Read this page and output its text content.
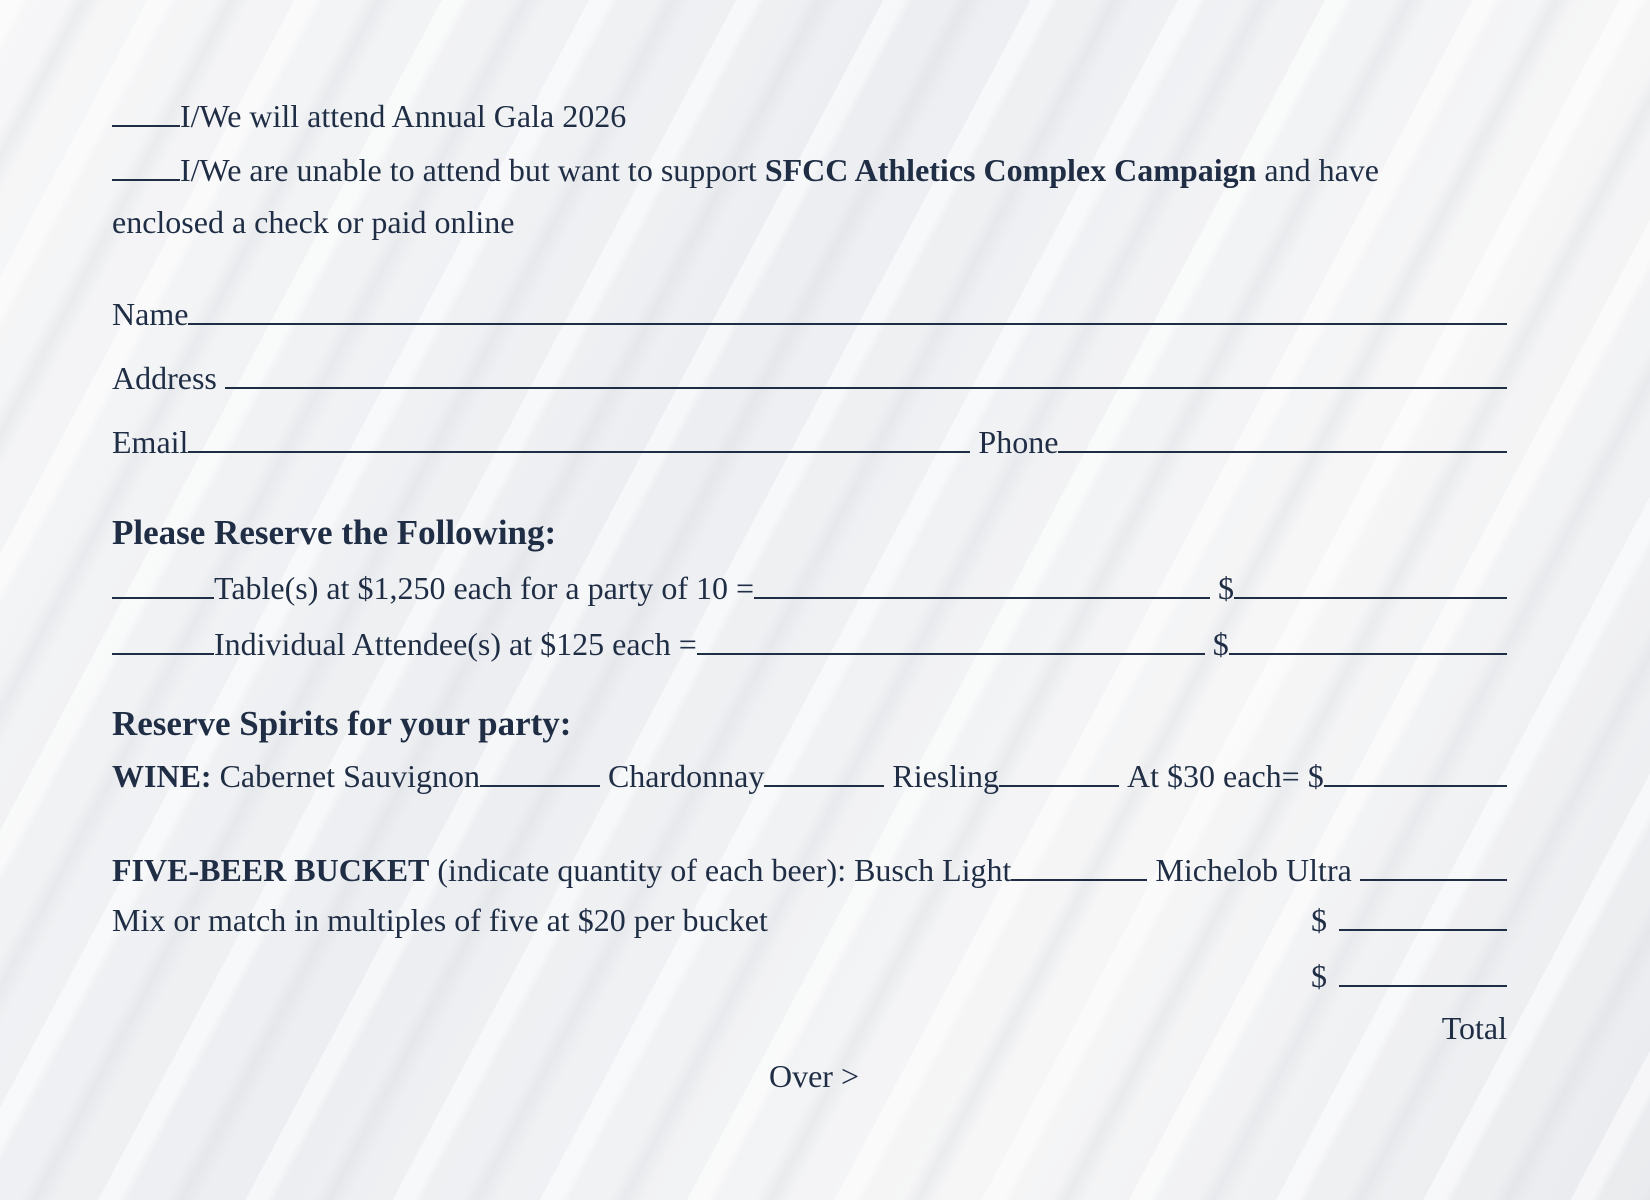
I/We will attend Annual Gala 2026
I/We are unable to attend but want to support SFCC Athletics Complex Campaign and have
enclosed a check or paid online
Name
Address
Email	Phone
Please Reserve the Following:
Table(s) at $1,250 each for a party of 10 =	$
Individual Attendee(s) at $125 each =	$
Reserve Spirits for your party:
WINE: Cabernet Sauvignon	Chardonnay	Riesling	At $30 each= $
FIVE-BEER BUCKET (indicate quantity of each beer): Busch Light	Michelob Ultra
Mix or match in multiples of five at $20 per bucket	$
$
Total
Over >
